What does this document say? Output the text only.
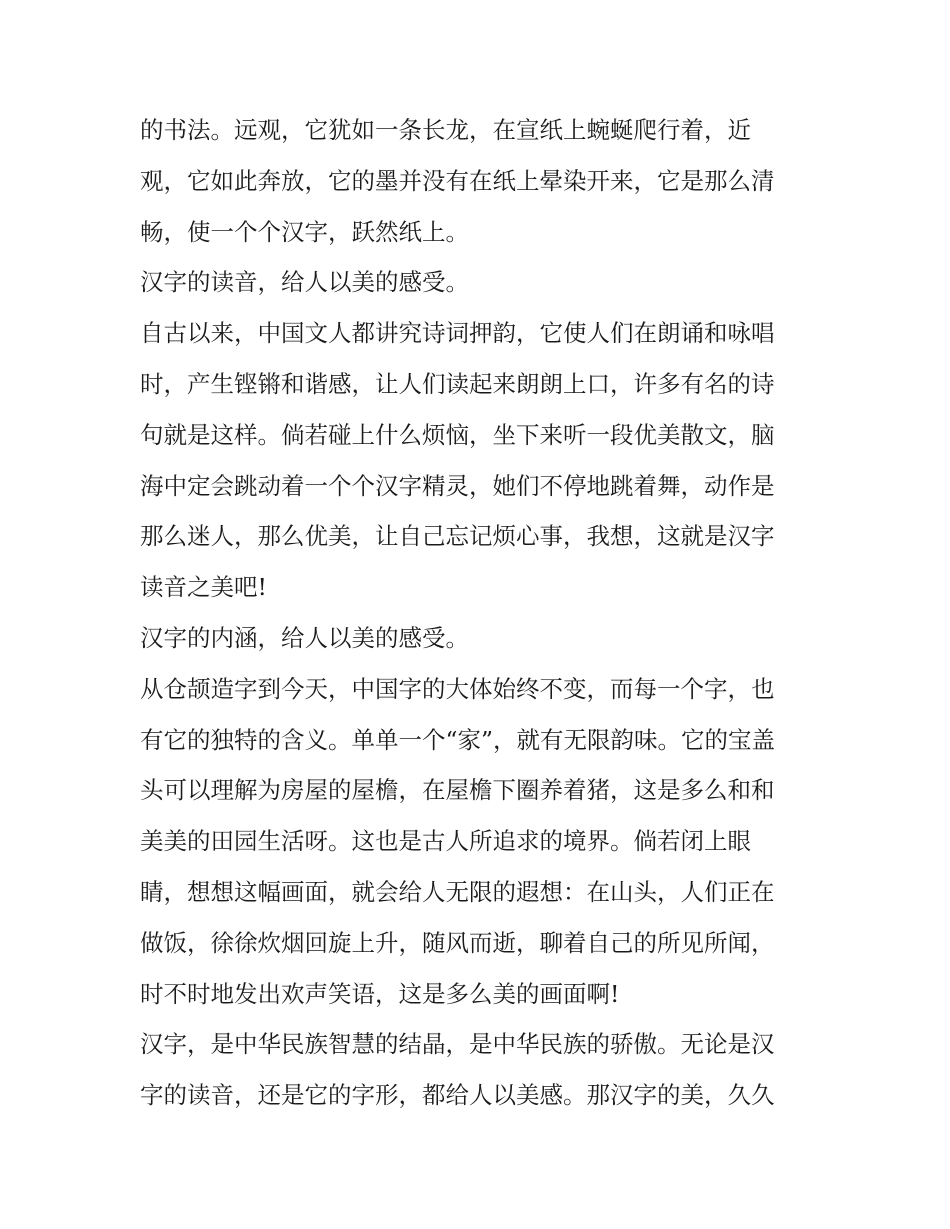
的书法。远观，它犹如一条长龙，在宣纸上蜿蜒爬行着，近
观，它如此奔放，它的墨并没有在纸上晕染开来，它是那么清
畅，使一个个汉字，跃然纸上。
汉字的读音，给人以美的感受。
自古以来，中国文人都讲究诗词押韵，它使人们在朗诵和咏唱
时，产生铿锵和谐感，让人们读起来朗朗上口，许多有名的诗
句就是这样。倘若碰上什么烦恼，坐下来听一段优美散文，脑
海中定会跳动着一个个汉字精灵，她们不停地跳着舞，动作是
那么迷人，那么优美，让自己忘记烦心事，我想，这就是汉字
读音之美吧!
汉字的内涵，给人以美的感受。
从仓颉造字到今天，中国字的大体始终不变，而每一个字，也
有它的独特的含义。单单一个“家”，就有无限韵味。它的宝盖
头可以理解为房屋的屋檐，在屋檐下圈养着猪，这是多么和和
美美的田园生活呀。这也是古人所追求的境界。倘若闭上眼
睛，想想这幅画面，就会给人无限的遐想：在山头，人们正在
做饭，徐徐炊烟回旋上升，随风而逝，聊着自己的所见所闻，
时不时地发出欢声笑语，这是多么美的画面啊!
汉字，是中华民族智慧的结晶，是中华民族的骄傲。无论是汉
字的读音，还是它的字形，都给人以美感。那汉字的美，久久
